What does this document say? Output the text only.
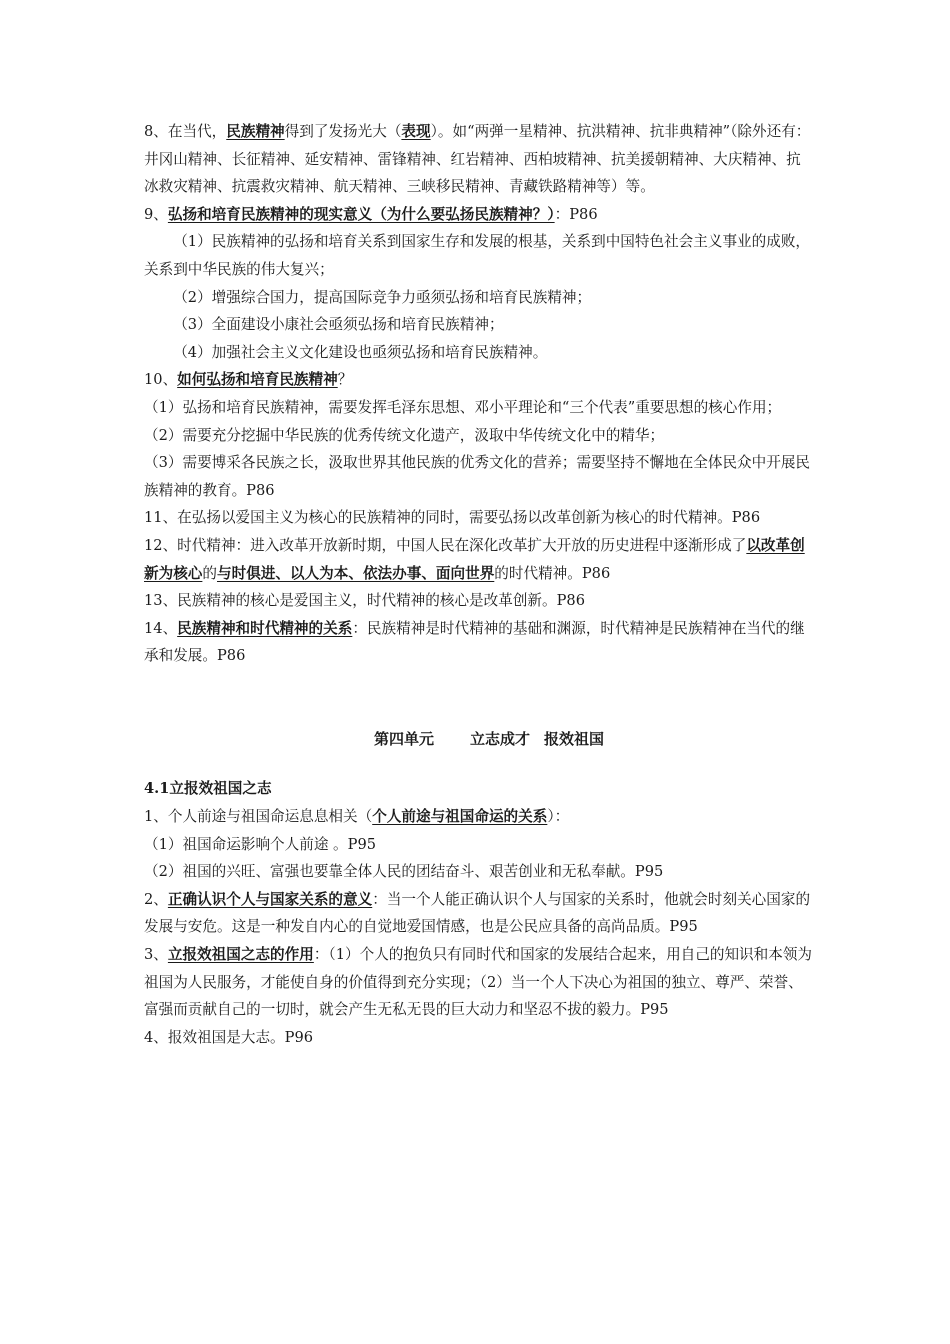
8、在当代，民族精神得到了发扬光大（表现）。如“两弹一星精神、抗洪精神、抗非典精神”（除外还有：井冈山精神、长征精神、延安精神、雷锋精神、红岩精神、西柏坡精神、抗美援朝精神、大庆精神、抗冰救灾精神、抗震救灾精神、航天精神、三峡移民精神、青藏铁路精神等）等。

9、弘扬和培育民族精神的现实意义（为什么要弘扬民族精神？）：P86

（1）民族精神的弘扬和培育关系到国家生存和发展的根基，关系到中国特色社会主义事业的成败，关系到中华民族的伟大复兴；

（2）增强综合国力，提高国际竞争力亟须弘扬和培育民族精神；

（3）全面建设小康社会亟须弘扬和培育民族精神；

（4）加强社会主义文化建设也亟须弘扬和培育民族精神。

10、如何弘扬和培育民族精神？

（1）弘扬和培育民族精神，需要发挥毛泽东思想、邓小平理论和“三个代表”重要思想的核心作用；

（2）需要充分挖掘中华民族的优秀传统文化遗产，汲取中华传统文化中的精华；

（3）需要博采各民族之长，汲取世界其他民族的优秀文化的营养；需要坚持不懈地在全体民众中开展民族精神的教育。P86

11、在弘扬以爱国主义为核心的民族精神的同时，需要弘扬以改革创新为核心的时代精神。P86

12、时代精神：进入改革开放新时期，中国人民在深化改革扩大开放的历史进程中逐渐形成了以改革创新为核心的与时俱进、以人为本、依法办事、面向世界的时代精神。P86

13、民族精神的核心是爱国主义，时代精神的核心是改革创新。P86

14、民族精神和时代精神的关系：民族精神是时代精神的基础和渊源，时代精神是民族精神在当代的继承和发展。P86

第四单元 立志成才 报效祖国

4.1立报效祖国之志

1、个人前途与祖国命运息息相关（个人前途与祖国命运的关系）：

（1）祖国命运影响个人前途 。P95

（2）祖国的兴旺、富强也要靠全体人民的团结奋斗、艰苦创业和无私奉献。P95

2、正确认识个人与国家关系的意义：当一个人能正确认识个人与国家的关系时，他就会时刻关心国家的发展与安危。这是一种发自内心的自觉地爱国情感，也是公民应具备的高尚品质。P95

3、立报效祖国之志的作用：（1）个人的抱负只有同时代和国家的发展结合起来，用自己的知识和本领为祖国为人民服务，才能使自身的价值得到充分实现；（2）当一个人下决心为祖国的独立、尊严、荣誉、富强而贡献自己的一切时，就会产生无私无畏的巨大动力和坚忍不拔的毅力。P95

4、报效祖国是大志。P96
